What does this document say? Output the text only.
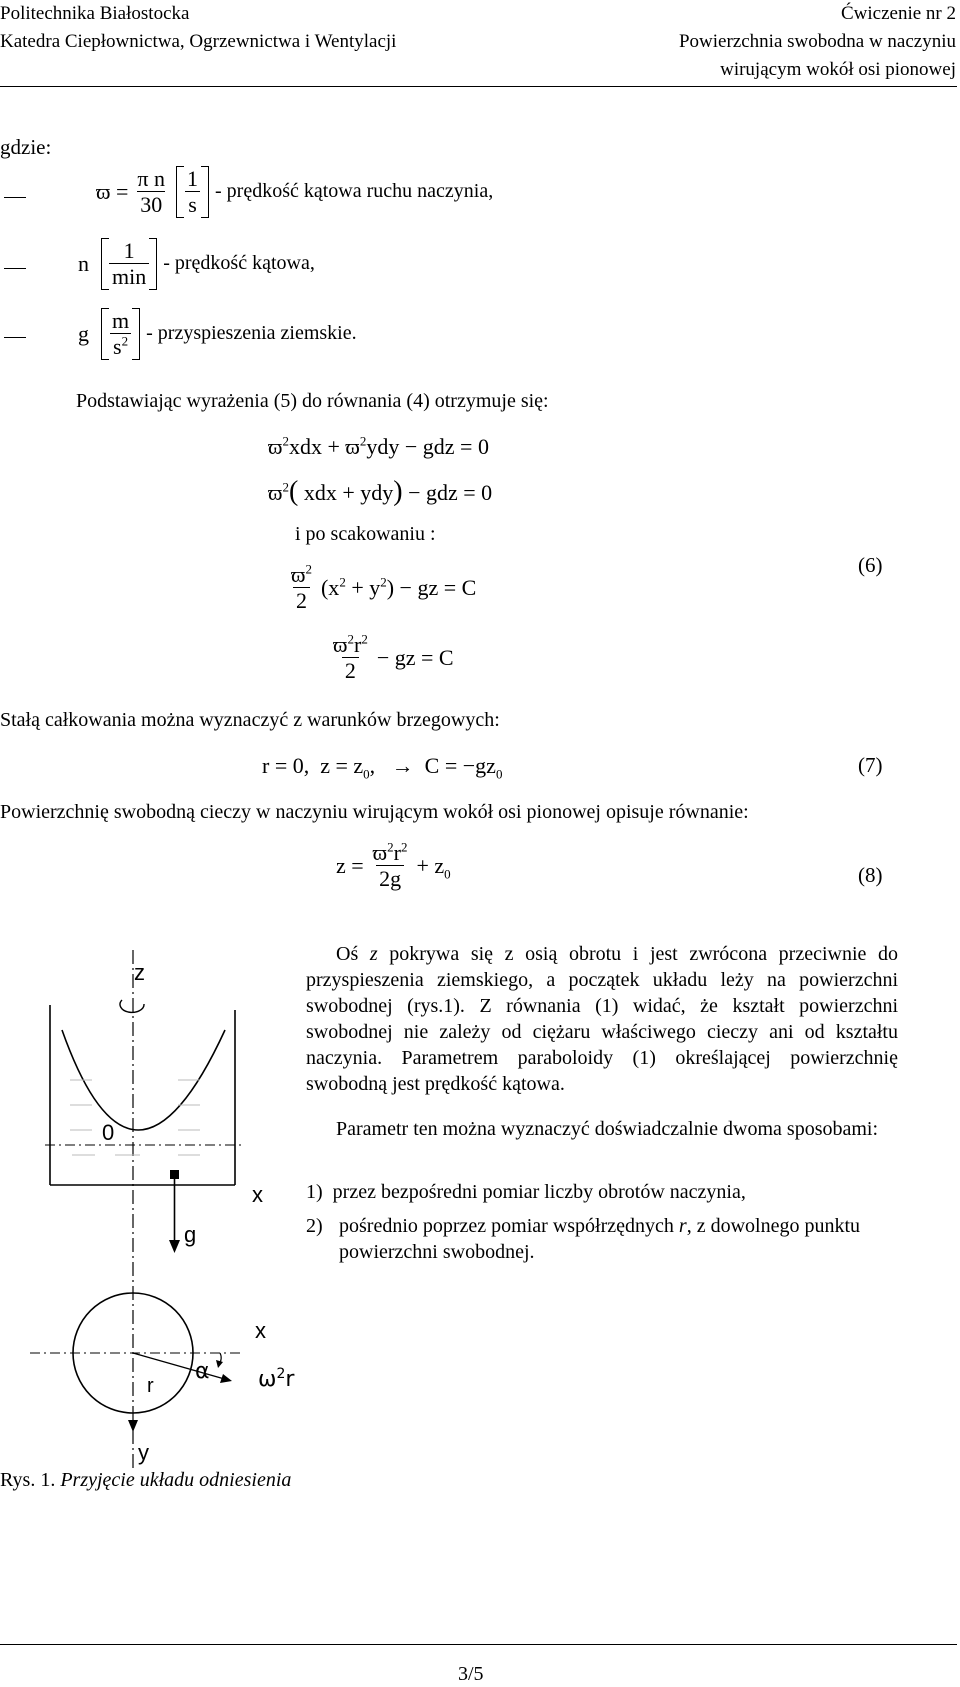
Politechnika Białostocka
Katedra Ciepłownictwa, Ogrzewnictwa i Wentylacji
Ćwiczenie nr 2
Powierzchnia swobodna w naczyniu
wirującym wokół osi pionowej
gdzie:
$ϖ = \frac{\text{π n}}{30} \frac{1}{s}$ - prędkość kątowa ruchu naczynia,
n $\frac{1}{\min}$ - prędkość kątowa,
g $\frac{m}{s^2}$ - przyspieszenia ziemskie.
Podstawiając wyrażenia (5) do równania (4) otrzymuje się:
$ϖ^2xdx + ϖ^2ydy$ − gdz = 0
$ϖ^2$( xdx + ydy) − gdz = 0
i po scakowaniu :
$\frac{ϖ^2}{2} (x^2 + y^2)$ − gz = C
$\frac{ϖ^2r^2}{2}$ − gz = C
(6)
Stałą całkowania można wyznaczyć z warunków brzegowych:
r = 0,  $z = z_0$,   →  $C = -gz_0$	(7)
Powierzchnię swobodną cieczy w naczyniu wirującym wokół osi pionowej opisuje równanie:
$z = \frac{ϖ^2r^2}{2g} + z_0$	(8)
Oś z pokrywa się z osią obrotu i jest zwrócona przeciwnie do przyspieszenia ziemskiego, a początek układu leży na powierzchni swobodnej (rys.1). Z równania (1) widać, że kształt powierzchni swobodnej nie zależy od ciężaru właściwego cieczy ani od kształtu naczynia. Parametrem paraboloidy (1) określającej powierzchnię swobodną jest prędkość kątowa.
Parametr ten można wyznaczyć doświadczalnie dwoma sposobami:
1) przez bezpośredni pomiar liczby obrotów naczynia,
2) pośrednio poprzez pomiar współrzędnych r, z dowolnego punktu powierzchni swobodnej.
z
0
x
g
r
α
x
$\omega^2r$
y
Rys. 1. Przyjęcie układu odniesienia
3/5
